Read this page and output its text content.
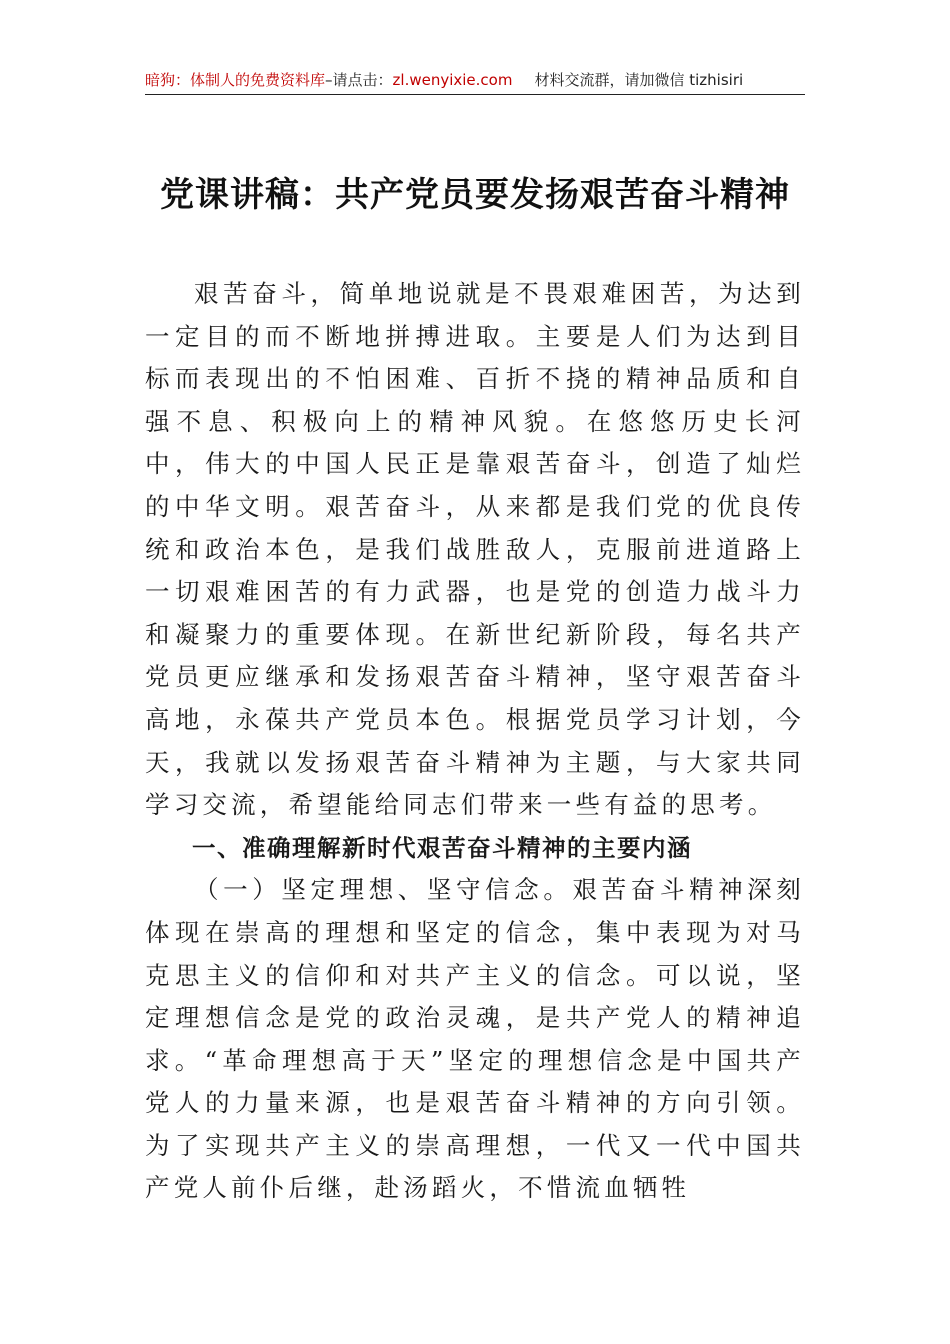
暗狗：体制人的免费资料库 –请点击： zl.wenyixie.com 材料交流群，请加微信 tizhisiri
党课讲稿：共产党员要发扬艰苦奋斗精神

艰苦奋斗，简单地说就是不畏艰难困苦，为达到一定目的而不断地拼搏进取。主要是人们为达到目标而表现出的不怕困难、百折不挠的精神品质和自强不息、积极向上的精神风貌。在悠悠历史长河中，伟大的中国人民正是靠艰苦奋斗，创造了灿烂的中华文明。艰苦奋斗，从来都是我们党的优良传统和政治本色，是我们战胜敌人，克服前进道路上一切艰难困苦的有力武器，也是党的创造力战斗力和凝聚力的重要体现。在新世纪新阶段，每名共产党员更应继承和发扬艰苦奋斗精神，坚守艰苦奋斗高地，永葆共产党员本色。根据党员学习计划，今天，我就以发扬艰苦奋斗精神为主题，与大家共同学习交流，希望能给同志们带来一些有益的思考。

一、准确理解新时代艰苦奋斗精神的主要内涵

（一）坚定理想、坚守信念。艰苦奋斗精神深刻体现在崇高的理想和坚定的信念，集中表现为对马克思主义的信仰和对共产主义的信念。可以说，坚定理想信念是党的政治灵魂，是共产党人的精神追求。“革命理想高于天”坚定的理想信念是中国共产党人的力量来源，也是艰苦奋斗精神的方向引领。为了实现共产主义的崇高理想，一代又一代中国共产党人前仆后继，赴汤蹈火，不惜流血牺牲
